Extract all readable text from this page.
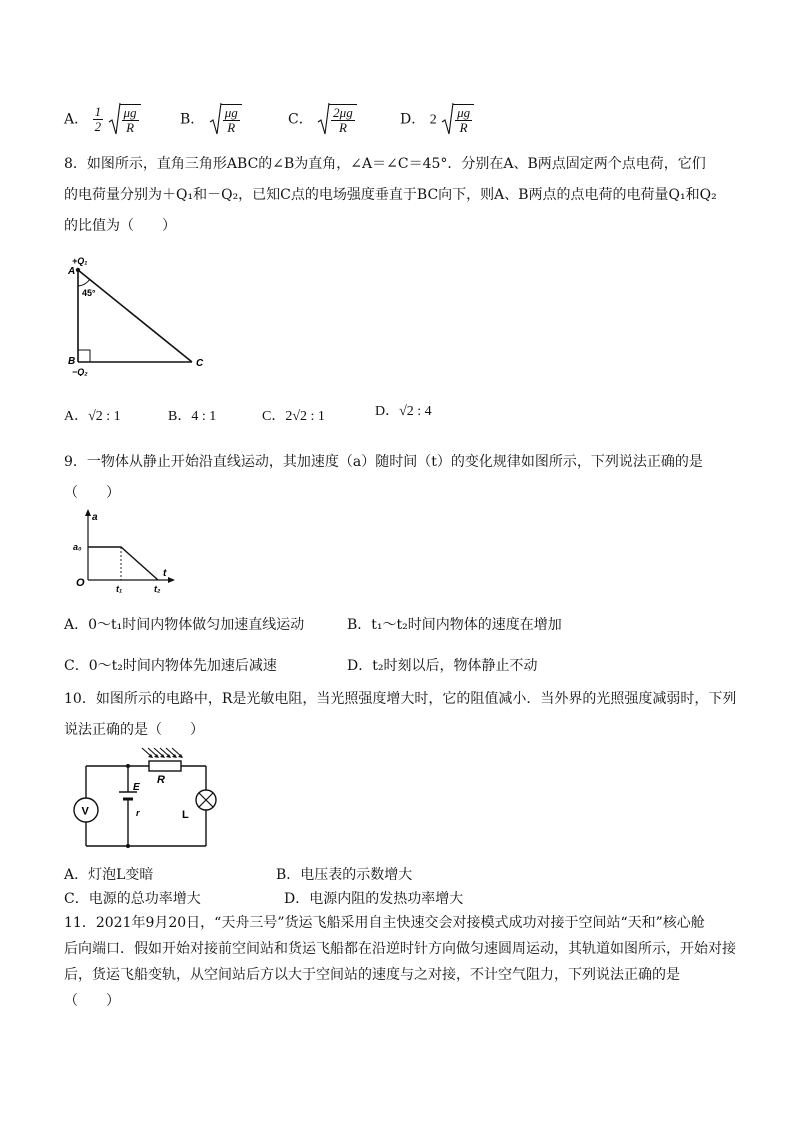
A． $\frac{1}{2}$
$\frac{\mu g}{R}$	B． $\frac{\mu g}{R}$	C． $\frac{2\mu g}{R}$	D． $2 \frac{\mu g}{R}$
8．如图所示，直角三角形ABC的∠B为直角，∠A＝∠C＝45°．分别在A、B两点固定两个点电荷，它们
的电荷量分别为＋Q₁和－Q₂，已知C点的电场强度垂直于BC向下，则A、B两点的点电荷的电荷量Q₁和Q₂
的比值为（　　）
A
+Q₁
45°
B
−Q₂
C
A．√2 : 1	B．4 : 1	C．2√2 : 1	D．√2 : 4
9．一物体从静止开始沿直线运动，其加速度（a）随时间（t）的变化规律如图所示，下列说法正确的是
（　　）
a
a₀
O
t
t₁	t₂
A．0～t₁时间内物体做匀加速直线运动	B．t₁～t₂时间内物体的速度在增加
C．0～t₂时间内物体先加速后减速	D．t₂时刻以后，物体静止不动
10．如图所示的电路中，R是光敏电阻，当光照强度增大时，它的阻值减小．当外界的光照强度减弱时，下列
说法正确的是（　　）
V
R
L
E
r
A．灯泡L变暗	B．电压表的示数增大
C．电源的总功率增大	D．电源内阻的发热功率增大
11．2021年9月20日，“天舟三号”货运飞船采用自主快速交会对接模式成功对接于空间站“天和”核心舱
后向端口．假如开始对接前空间站和货运飞船都在沿逆时针方向做匀速圆周运动，其轨道如图所示，开始对接
后，货运飞船变轨，从空间站后方以大于空间站的速度与之对接，不计空气阻力，下列说法正确的是
（　　）
